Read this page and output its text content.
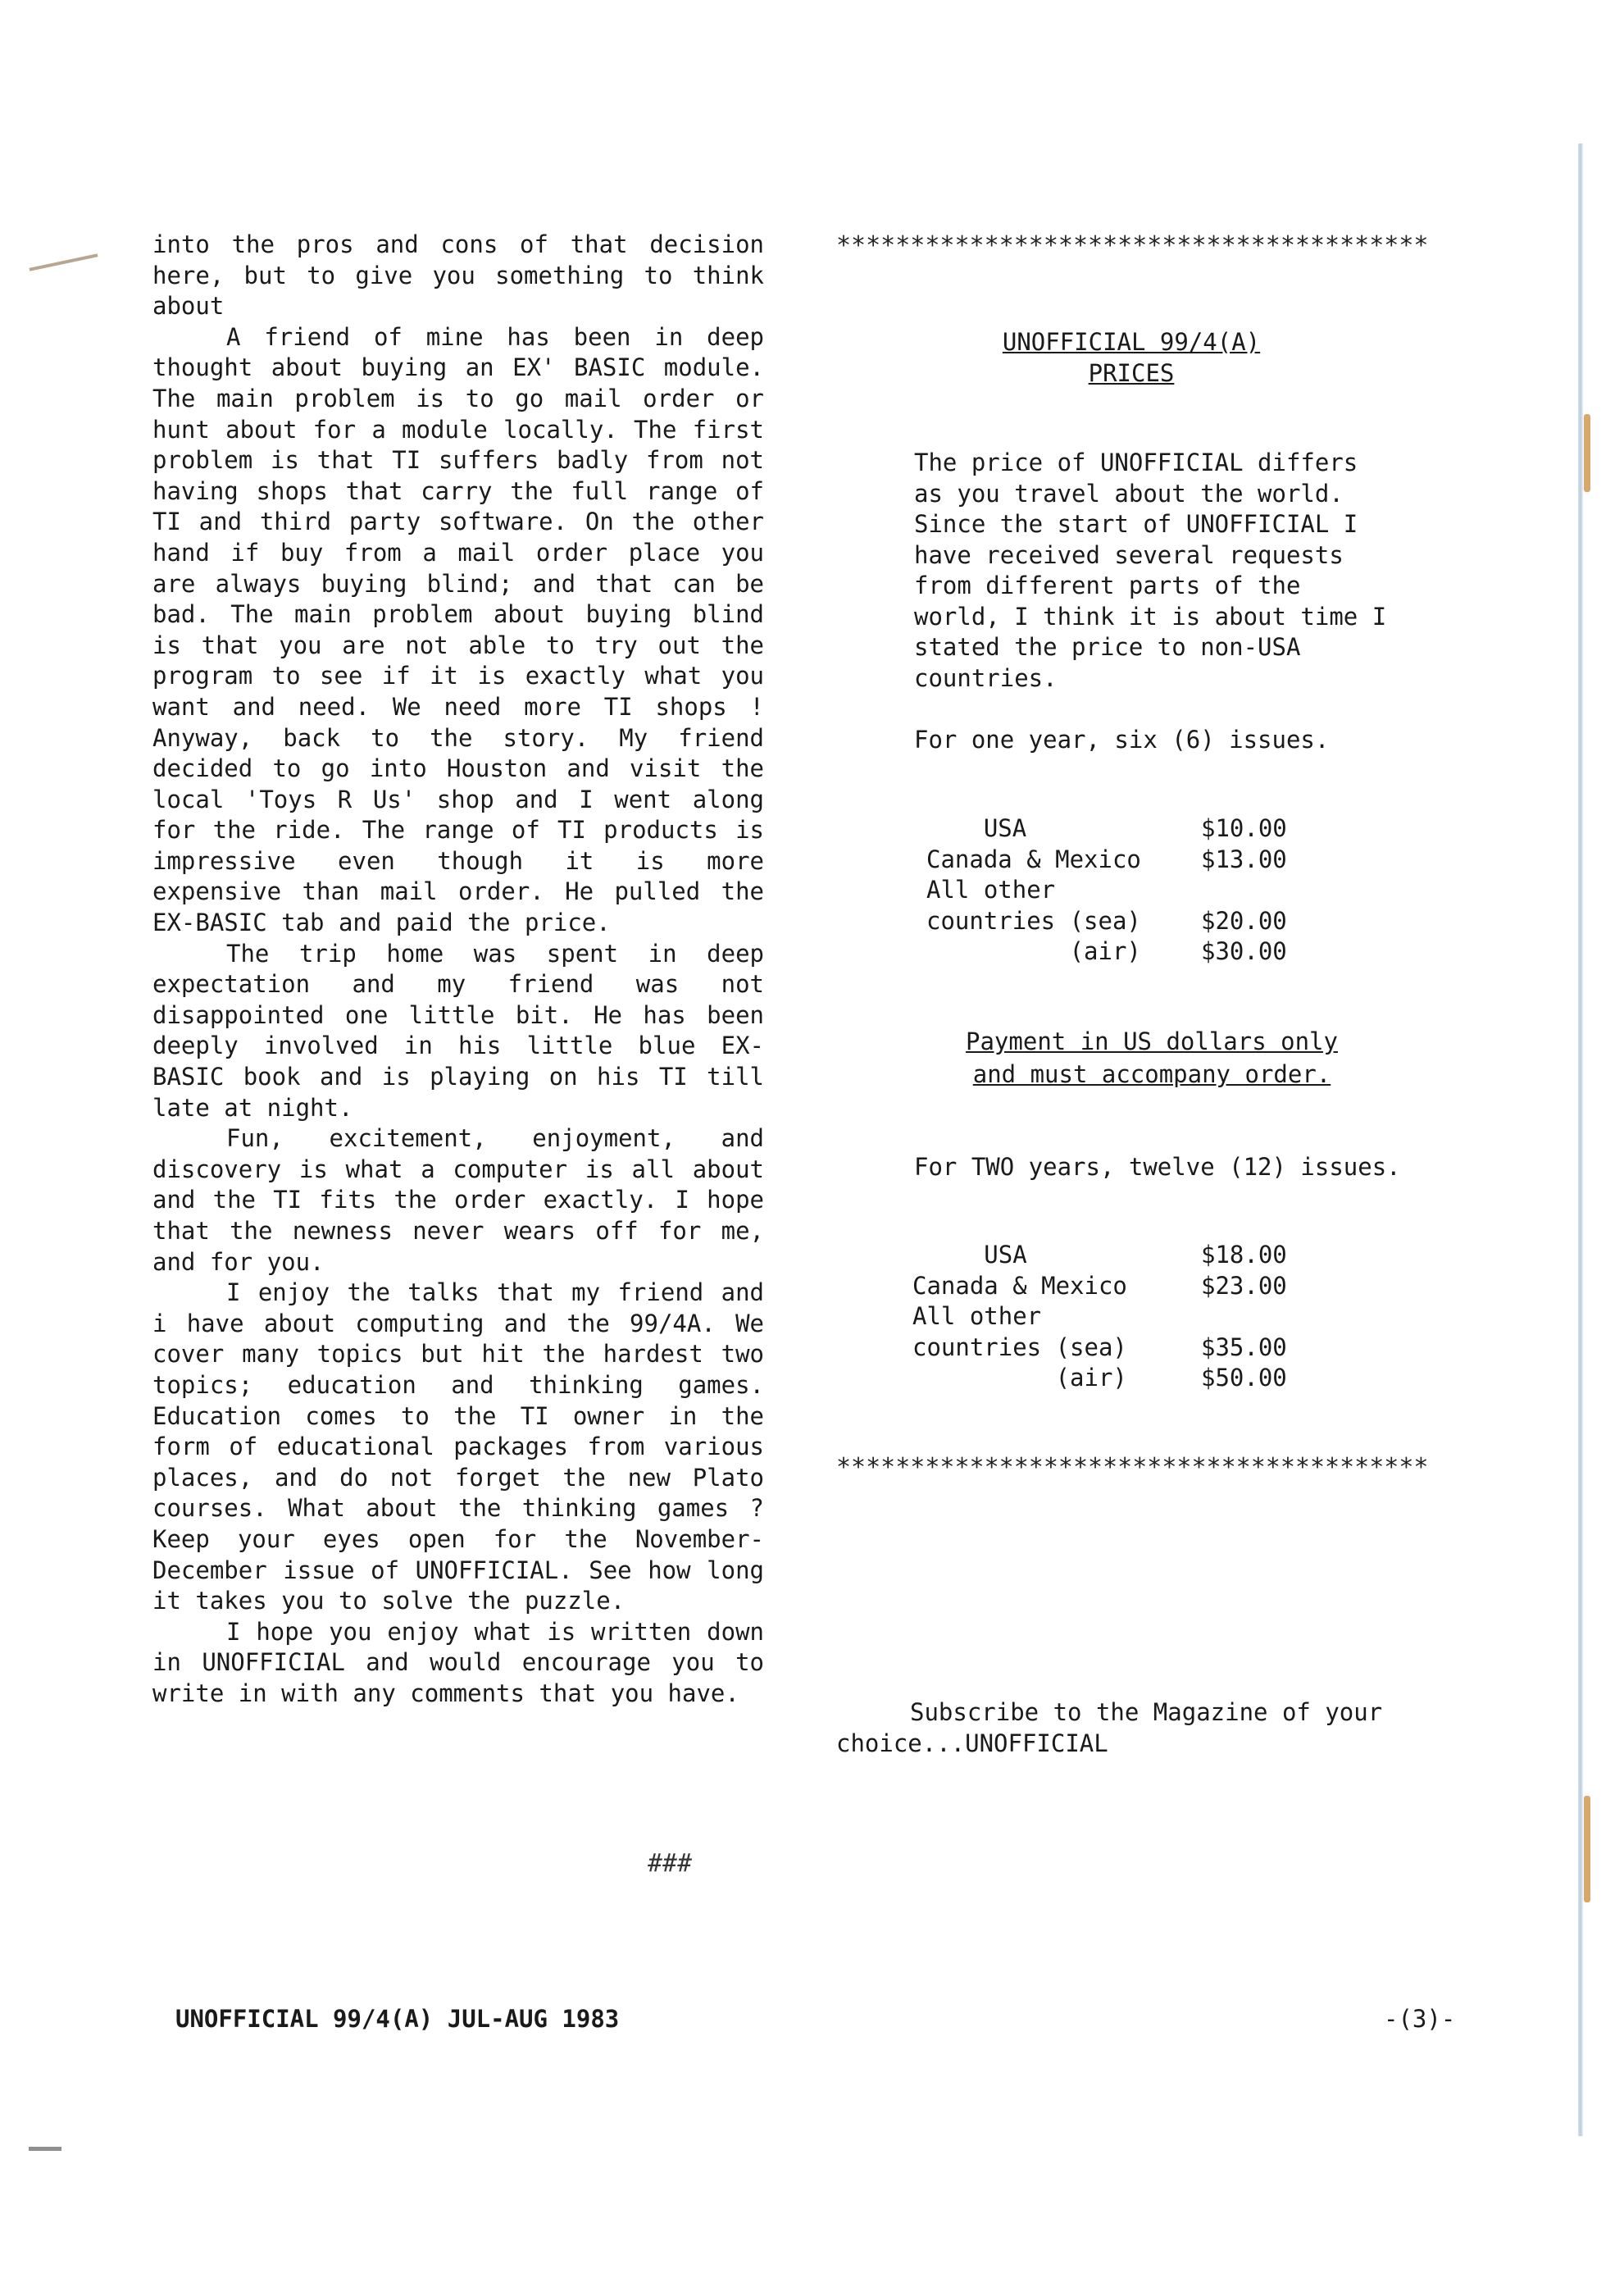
into the pros and cons of that decision here, but to give you something to think about

A friend of mine has been in deep thought about buying an EX' BASIC module. The main problem is to go mail order or hunt about for a module locally. The first problem is that TI suffers badly from not having shops that carry the full range of TI and third party software. On the other hand if buy from a mail order place you are always buying blind; and that can be bad. The main problem about buying blind is that you are not able to try out the program to see if it is exactly what you want and need. We need more TI shops ! Anyway, back to the story. My friend decided to go into Houston and visit the local 'Toys R Us' shop and I went along for the ride. The range of TI products is impressive even though it is more expensive than mail order. He pulled the EX-BASIC tab and paid the price.

The trip home was spent in deep expectation and my friend was not disappointed one little bit. He has been deeply involved in his little blue EX-BASIC book and is playing on his TI till late at night.

Fun, excitement, enjoyment, and discovery is what a computer is all about and the TI fits the order exactly. I hope that the newness never wears off for me, and for you.

I enjoy the talks that my friend and i have about computing and the 99/4A. We cover many topics but hit the hardest two topics; education and thinking games. Education comes to the TI owner in the form of educational packages from various places, and do not forget the new Plato courses. What about the thinking games ? Keep your eyes open for the November-December issue of UNOFFICIAL. See how long it takes you to solve the puzzle.

I hope you enjoy what is written down in UNOFFICIAL and would encourage you to write in with any comments that you have.

###
****************************************
UNOFFICIAL 99/4(A)
PRICES

The price of UNOFFICIAL differs as you travel about the world. Since the start of UNOFFICIAL I have received several requests from different parts of the world, I think it is about time I stated the price to non-USA countries.

For one year, six (6) issues.

USA	$10.00
Canada & Mexico	$13.00
All other	
countries (sea)	$20.00
(air)	$30.00
Payment in US dollars only
and must accompany order.

For TWO years, twelve (12) issues.

USA	$18.00
Canada & Mexico	$23.00
All other	
countries (sea)	$35.00
(air)	$50.00
****************************************

Subscribe to the Magazine of your choice...UNOFFICIAL

UNOFFICIAL 99/4(A) JUL-AUG 1983	-(3)-
